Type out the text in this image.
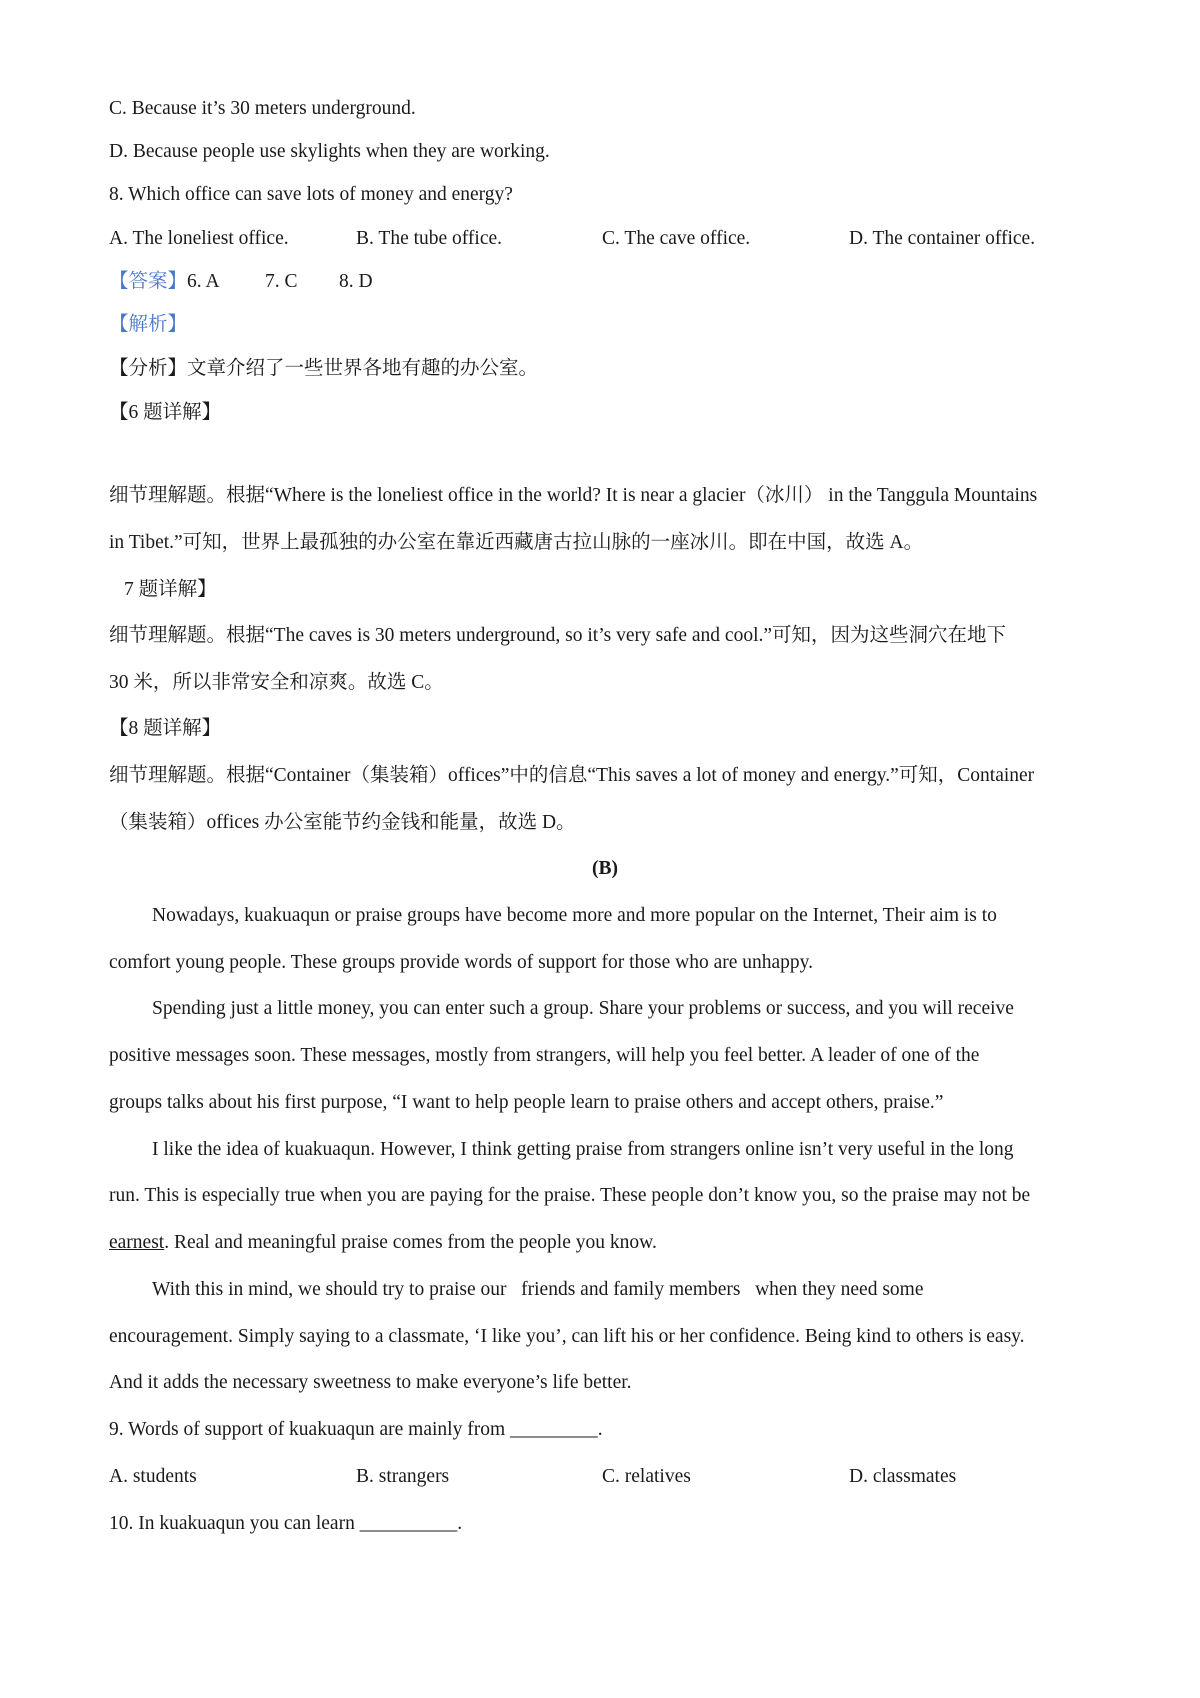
C. Because it’s 30 meters underground.
D. Because people use skylights when they are working.
8. Which office can save lots of money and energy?
A. The loneliest office.	B. The tube office.	C. The cave office.	D. The container office.
【答案】6. A 7. C 8. D
【解析】
【分析】文章介绍了一些世界各地有趣的办公室。
【6 题详解】
细节理解题。根据“Where is the loneliest office in the world? It is near a glacier（冰川） in the Tanggula Mountains
in Tibet.”可知，世界上最孤独的办公室在靠近西藏唐古拉山脉的一座冰川。即在中国，故选 A。
7 题详解】
细节理解题。根据“The caves is 30 meters underground, so it’s very safe and cool.”可知，因为这些洞穴在地下
30 米，所以非常安全和凉爽。故选 C。
【8 题详解】
细节理解题。根据“Container（集装箱）offices”中的信息“This saves a lot of money and energy.”可知，Container
（集装箱）offices 办公室能节约金钱和能量，故选 D。
(B)
Nowadays, kuakuaqun or praise groups have become more and more popular on the Internet, Their aim is to
comfort young people. These groups provide words of support for those who are unhappy.
Spending just a little money, you can enter such a group. Share your problems or success, and you will receive
positive messages soon. These messages, mostly from strangers, will help you feel better. A leader of one of the
groups talks about his first purpose, “I want to help people learn to praise others and accept others, praise.”
I like the idea of kuakuaqun. However, I think getting praise from strangers online isn’t very useful in the long
run. This is especially true when you are paying for the praise. These people don’t know you, so the praise may not be
earnest. Real and meaningful praise comes from the people you know.
With this in mind, we should try to praise our   friends and family members   when they need some
encouragement. Simply saying to a classmate, ‘I like you’, can lift his or her confidence. Being kind to others is easy.
And it adds the necessary sweetness to make everyone’s life better.
9. Words of support of kuakuaqun are mainly from _________.
A. students	B. strangers	C. relatives	D. classmates
10. In kuakuaqun you can learn __________.
